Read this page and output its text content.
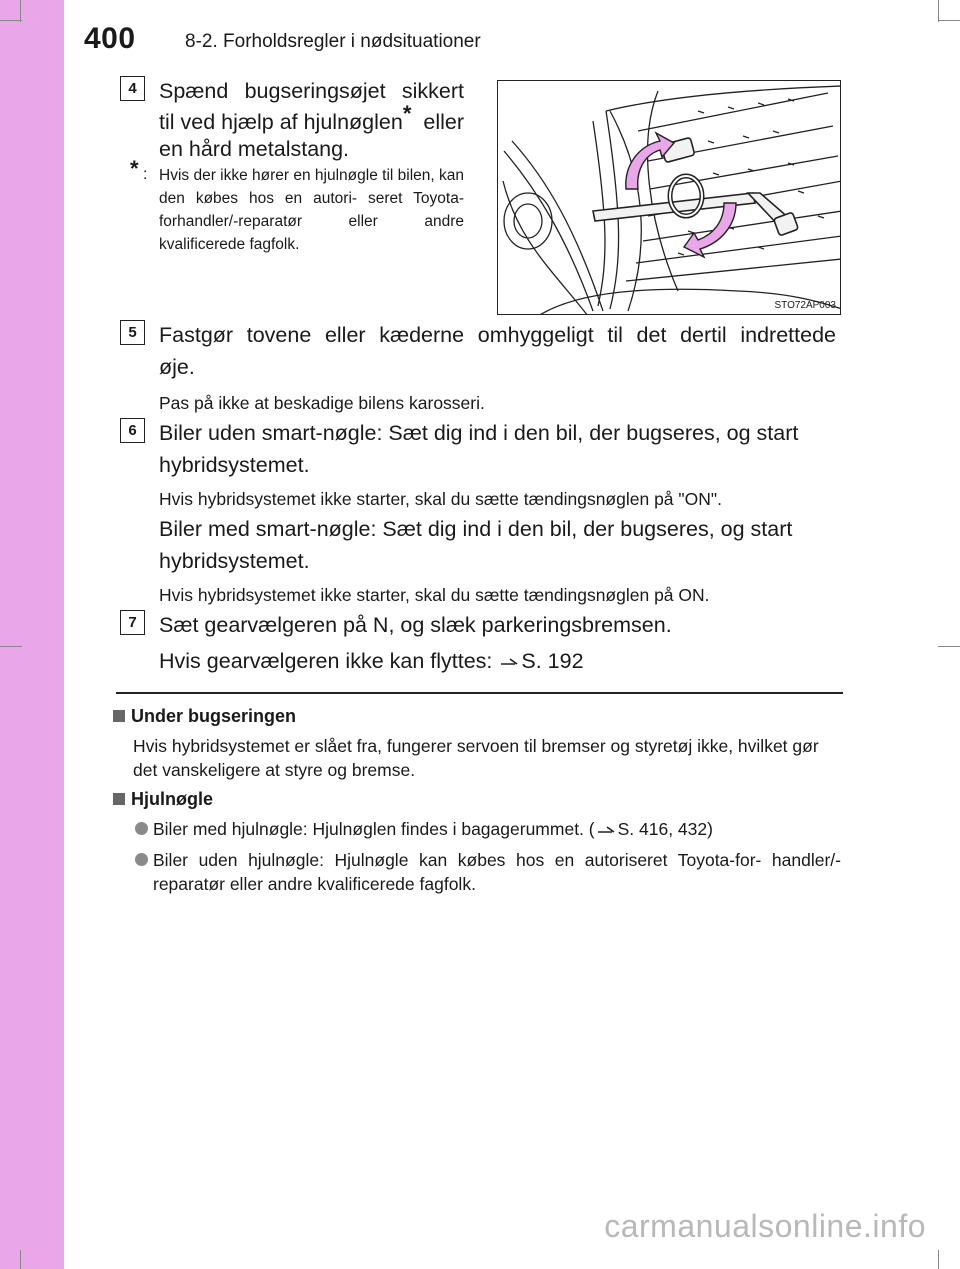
400	8-2. Forholdsregler i nødsituationer
4	Spænd bugseringsøjet sikkert
til ved hjælp af hjulnøglen* eller
en hård metalstang.
* : Hvis der ikke hører en hjulnøgle til bilen, kan den købes hos en autori- seret Toyota-forhandler/-reparatør eller andre kvalificerede fagfolk.
STO72AP003
5	Fastgør tovene eller kæderne omhyggeligt til det dertil indrettede
øje.
Pas på ikke at beskadige bilens karosseri.
6	Biler uden smart-nøgle: Sæt dig ind i den bil, der bugseres, og start
hybridsystemet.
Hvis hybridsystemet ikke starter, skal du sætte tændingsnøglen på "ON".
Biler med smart-nøgle: Sæt dig ind i den bil, der bugseres, og start
hybridsystemet.
Hvis hybridsystemet ikke starter, skal du sætte tændingsnøglen på ON.
7	Sæt gearvælgeren på N, og slæk parkeringsbremsen.
Hvis gearvælgeren ikke kan flyttes: S. 192
Under bugseringen
Hvis hybridsystemet er slået fra, fungerer servoen til bremser og styretøj ikke, hvilket gør det vanskeligere at styre og bremse.
Hjulnøgle
Biler med hjulnøgle: Hjulnøglen findes i bagagerummet. ( S. 416, 432)
Biler uden hjulnøgle: Hjulnøgle kan købes hos en autoriseret Toyota-for- handler/-reparatør eller andre kvalificerede fagfolk.
carmanualsonline.info
